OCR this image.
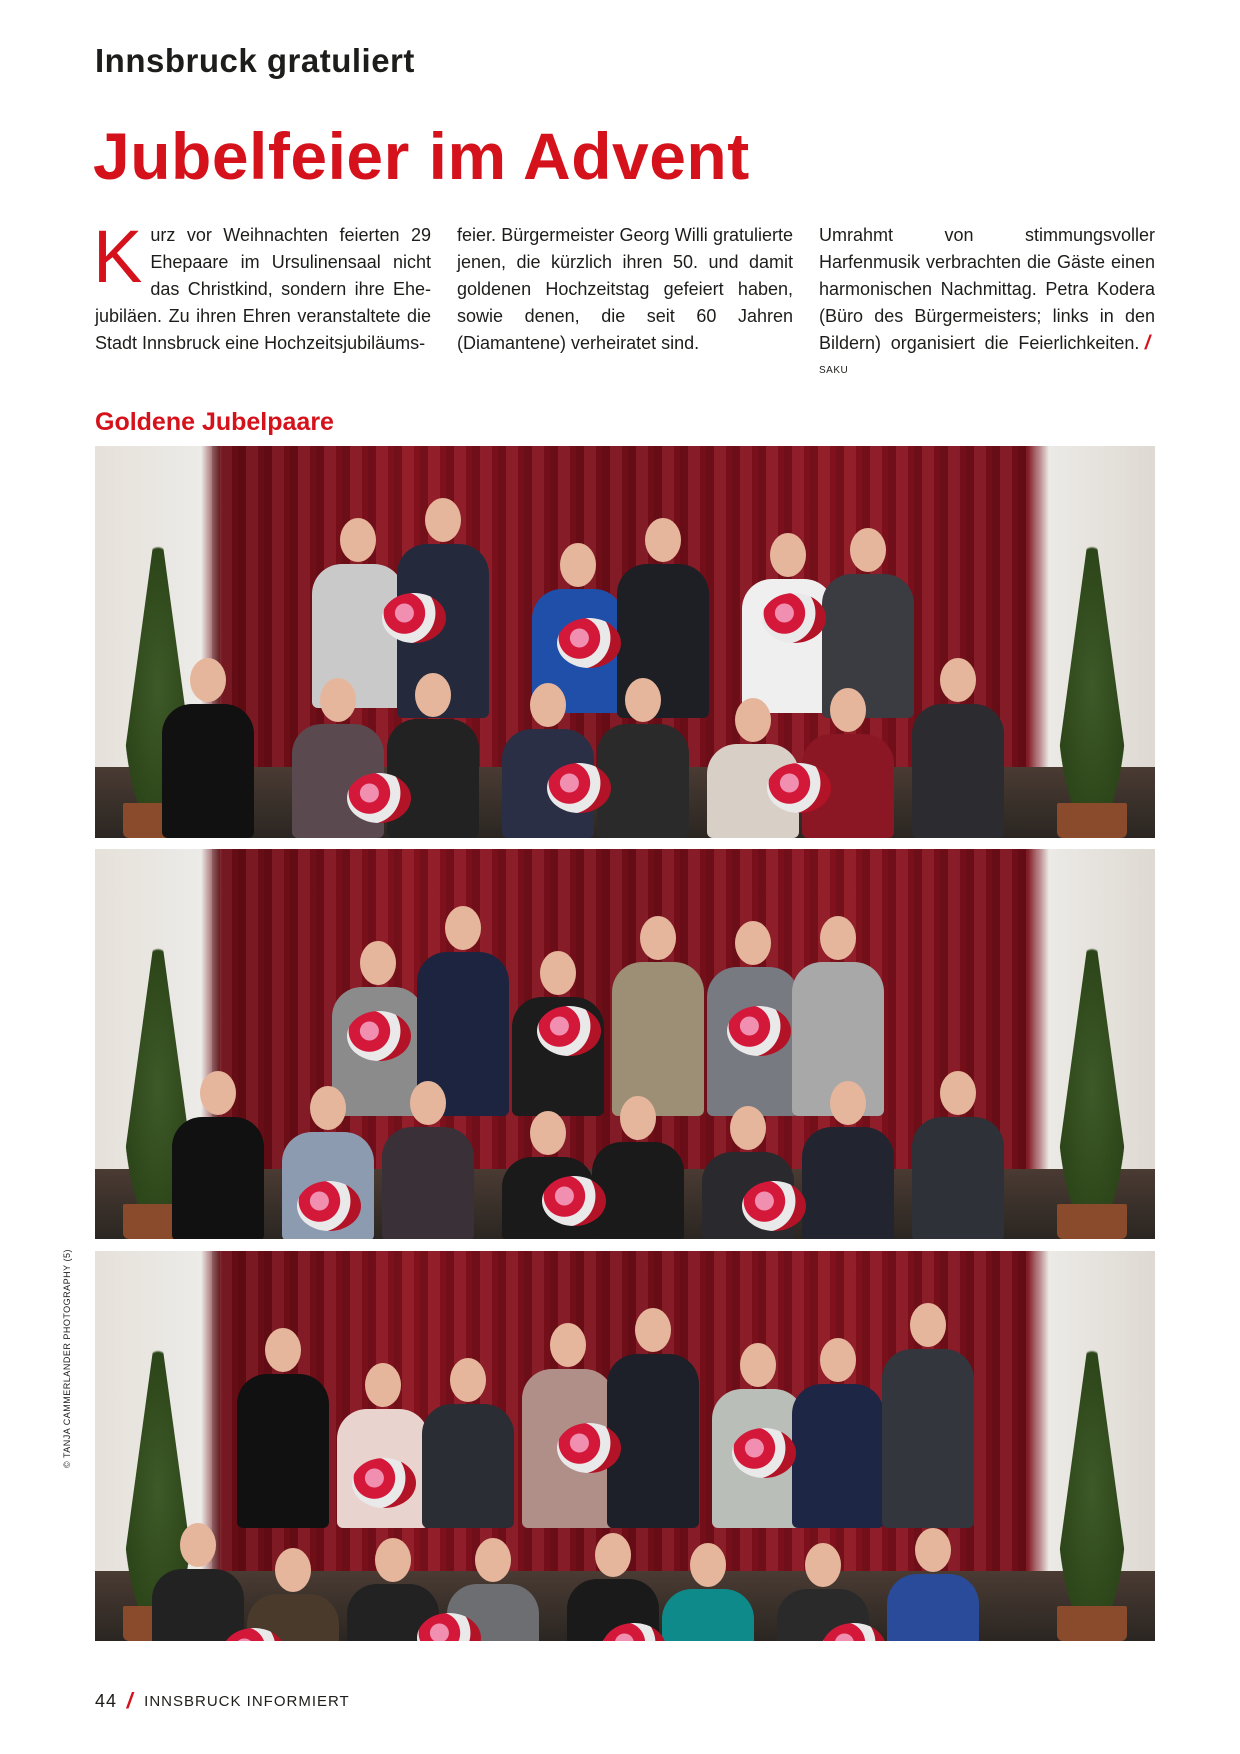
Innsbruck gratuliert
Jubelfeier im Advent

K urz vor Weihnachten feierten 29 Ehepaare im Ursulinensaal nicht das Christkind, sondern ihre Ehejubiläen. Zu ihren Ehren veranstaltete die Stadt Innsbruck eine Hochzeitsjubiläums-

feier. Bürgermeister Georg Willi gratulierte jenen, die kürzlich ihren 50. und damit goldenen Hochzeitstag gefeiert haben, sowie denen, die seit 60 Jahren (Diamantene) verheiratet sind.

Umrahmt von stimmungsvoller Harfenmusik verbrachten die Gäste einen harmonischen Nachmittag. Petra Kodera (Büro des Bürgermeisters; links in den Bildern) organisiert die Feierlichkeiten. /$^{SAKU}$

Goldene Jubelpaare
© TANJA CAMMERLANDER PHOTOGRAPHY (5)
44 / INNSBRUCK INFORMIERT
